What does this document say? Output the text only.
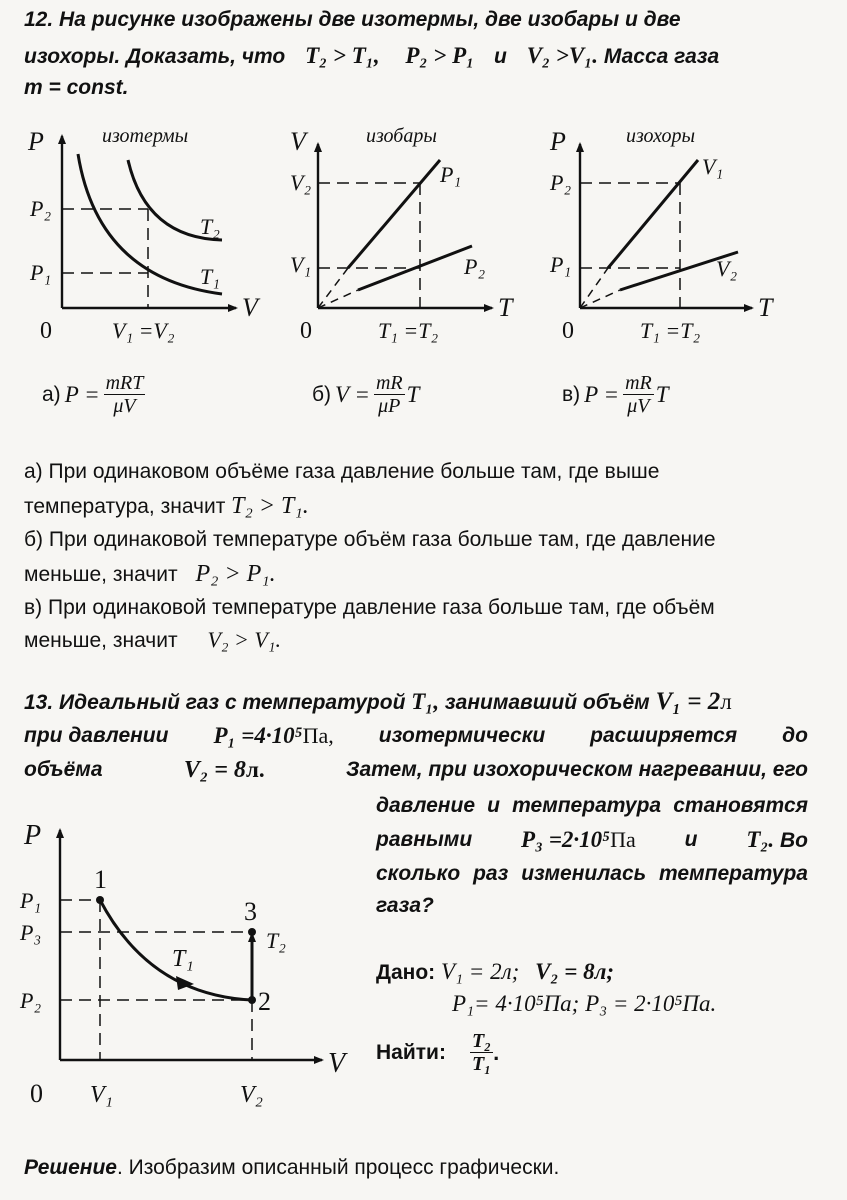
12. На рисунке изображены две изотермы, две изобары и две
изохоры. Доказать, что T₂ > T₁, P₂ > P₁ и V₂ >V₁. Масса газа
m = const.
изотермы
P
V
0
P₂
P₁
V₁ =V₂
T₂
T₁
изобары
V
T
0
V₂
V₁
T₁ =T₂
P₁
P₂
изохоры
P
T
0
P₂
P₁
T₁ =T₂
V₁
V₂
а) $P = \frac{\text{mRT}}{\mu V}$	б) $V = \frac{mR}{\mu P}$ T	в) $P = \frac{mR}{\mu V}$ T
а) При одинаковом объёме газа давление больше там, где выше
температура, значит T₂ > T₁.
б) При одинаковой температуре объём газа больше там, где давление
меньше, значит P₂ > P₁.
в) При одинаковой температуре давление газа больше там, где объём
меньше, значит V₂ > V₁.
13. Идеальный газ с температурой T₁, занимавший объём V₁ = 2л
при давлении P₁ =4·10⁵Па, изотермически расширяется до
объёма	V₂ = 8л.	Затем, при изохорическом нагревании, его
давление и температура становятся
равными P₃ =2·10⁵Па и T₂. Во
сколько раз изменилась температура
газа?
Дано: V₁ = 2л; V₂ = 8л;
P₁= 4·10⁵Па; P₃ = 2·10⁵Па.
Найти: $\frac{\text{T₂}}{\text{T₁}}$ .
P
V
0
P₁
P₃
P₂
V₁	V₂
1
2
3
T₁
T₂
Решение. Изобразим описанный процесс графически.
